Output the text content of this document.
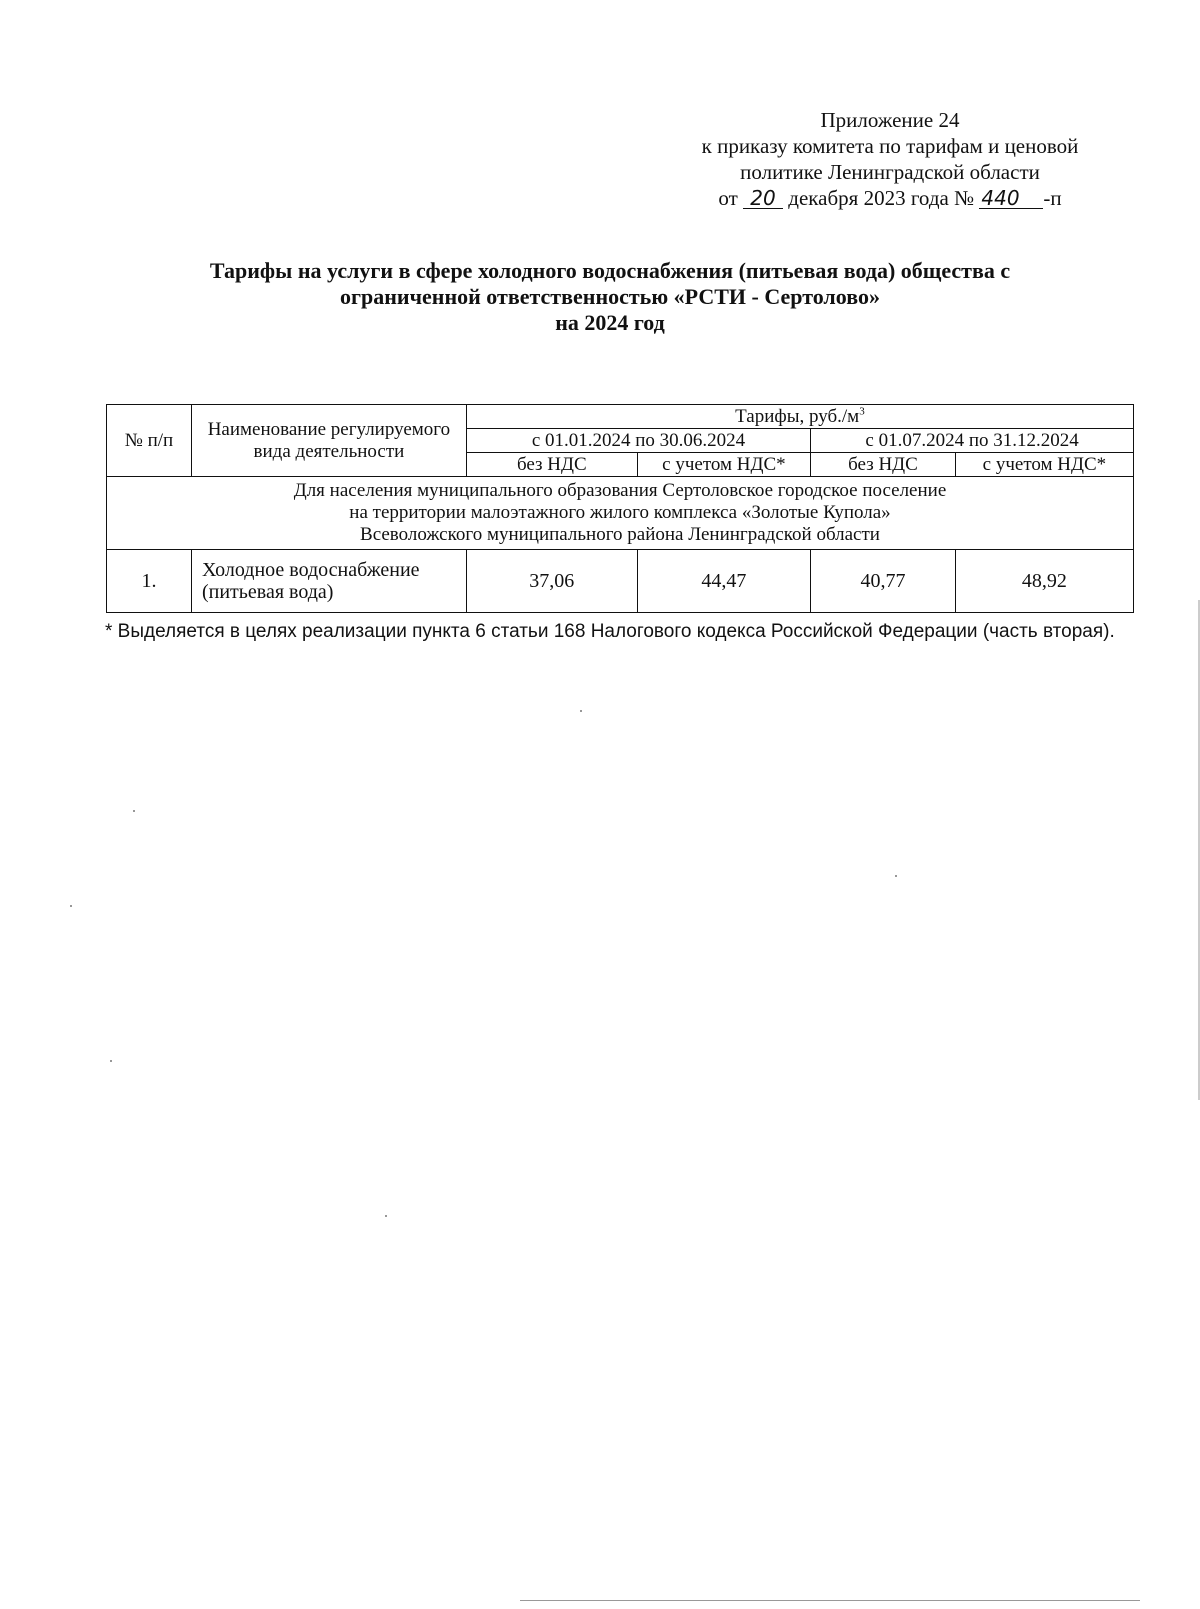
Приложение 24
к приказу комитета по тарифам и ценовой
политике Ленинградской области
от 20 декабря 2023 года № 440 -п
Тарифы на услуги в сфере холодного водоснабжения (питьевая вода) общества с
ограниченной ответственностью «РСТИ - Сертолово»
на 2024 год
№ п/п	Наименование регулируемого вида деятельности	Тарифы, $руб./м^3$
		с 01.01.2024 по 30.06.2024		с 01.07.2024 по 31.12.2024	
		без НДС	с учетом НДС*	без НДС	с учетом НДС*

Для населения муниципального образования Сертоловское городское поселение
на территории малоэтажного жилого комплекса «Золотые Купола»
Всеволожского муниципального района Ленинградской области					

1.	Холодное водоснабжение (питьевая вода)	37,06	44,47	40,77	48,92
* Выделяется в целях реализации пункта 6 статьи 168 Налогового кодекса Российской Федерации (часть вторая).
